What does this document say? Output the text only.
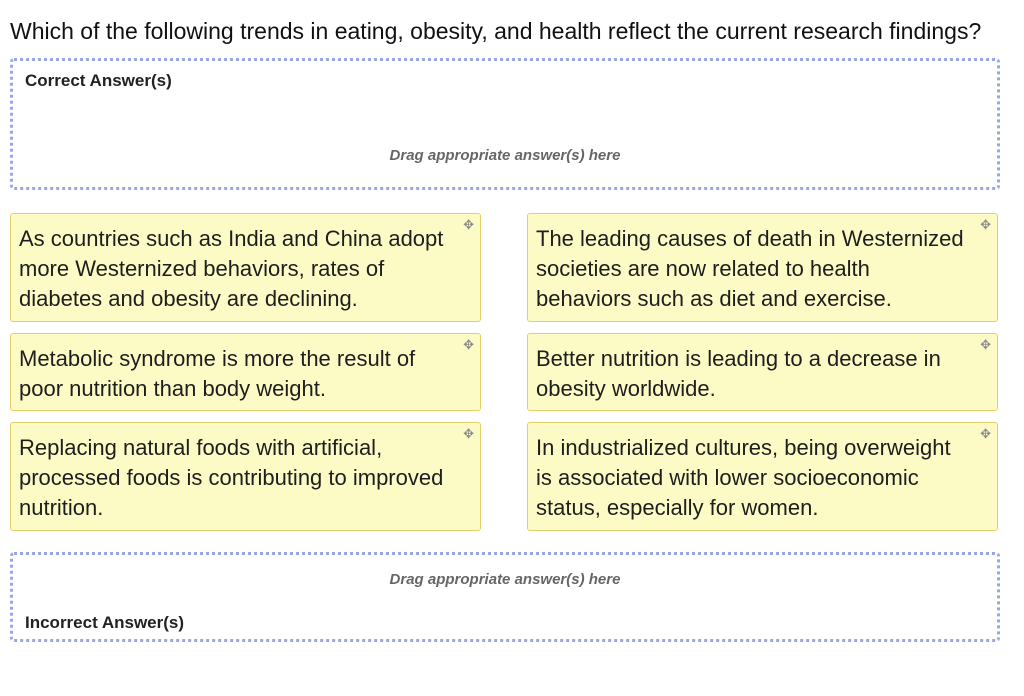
Which of the following trends in eating, obesity, and health reflect the current research findings?
Correct Answer(s)
Drag appropriate answer(s) here
✥
As countries such as India and China adopt more Westernized behaviors, rates of diabetes and obesity are declining.
✥
The leading causes of death in Westernized societies are now related to health behaviors such as diet and exercise.
✥
Metabolic syndrome is more the result of poor nutrition than body weight.
✥
Better nutrition is leading to a decrease in obesity worldwide.
✥
Replacing natural foods with artificial, processed foods is contributing to improved nutrition.
✥
In industrialized cultures, being overweight is associated with lower socioeconomic status, especially for women.
Drag appropriate answer(s) here
Incorrect Answer(s)
